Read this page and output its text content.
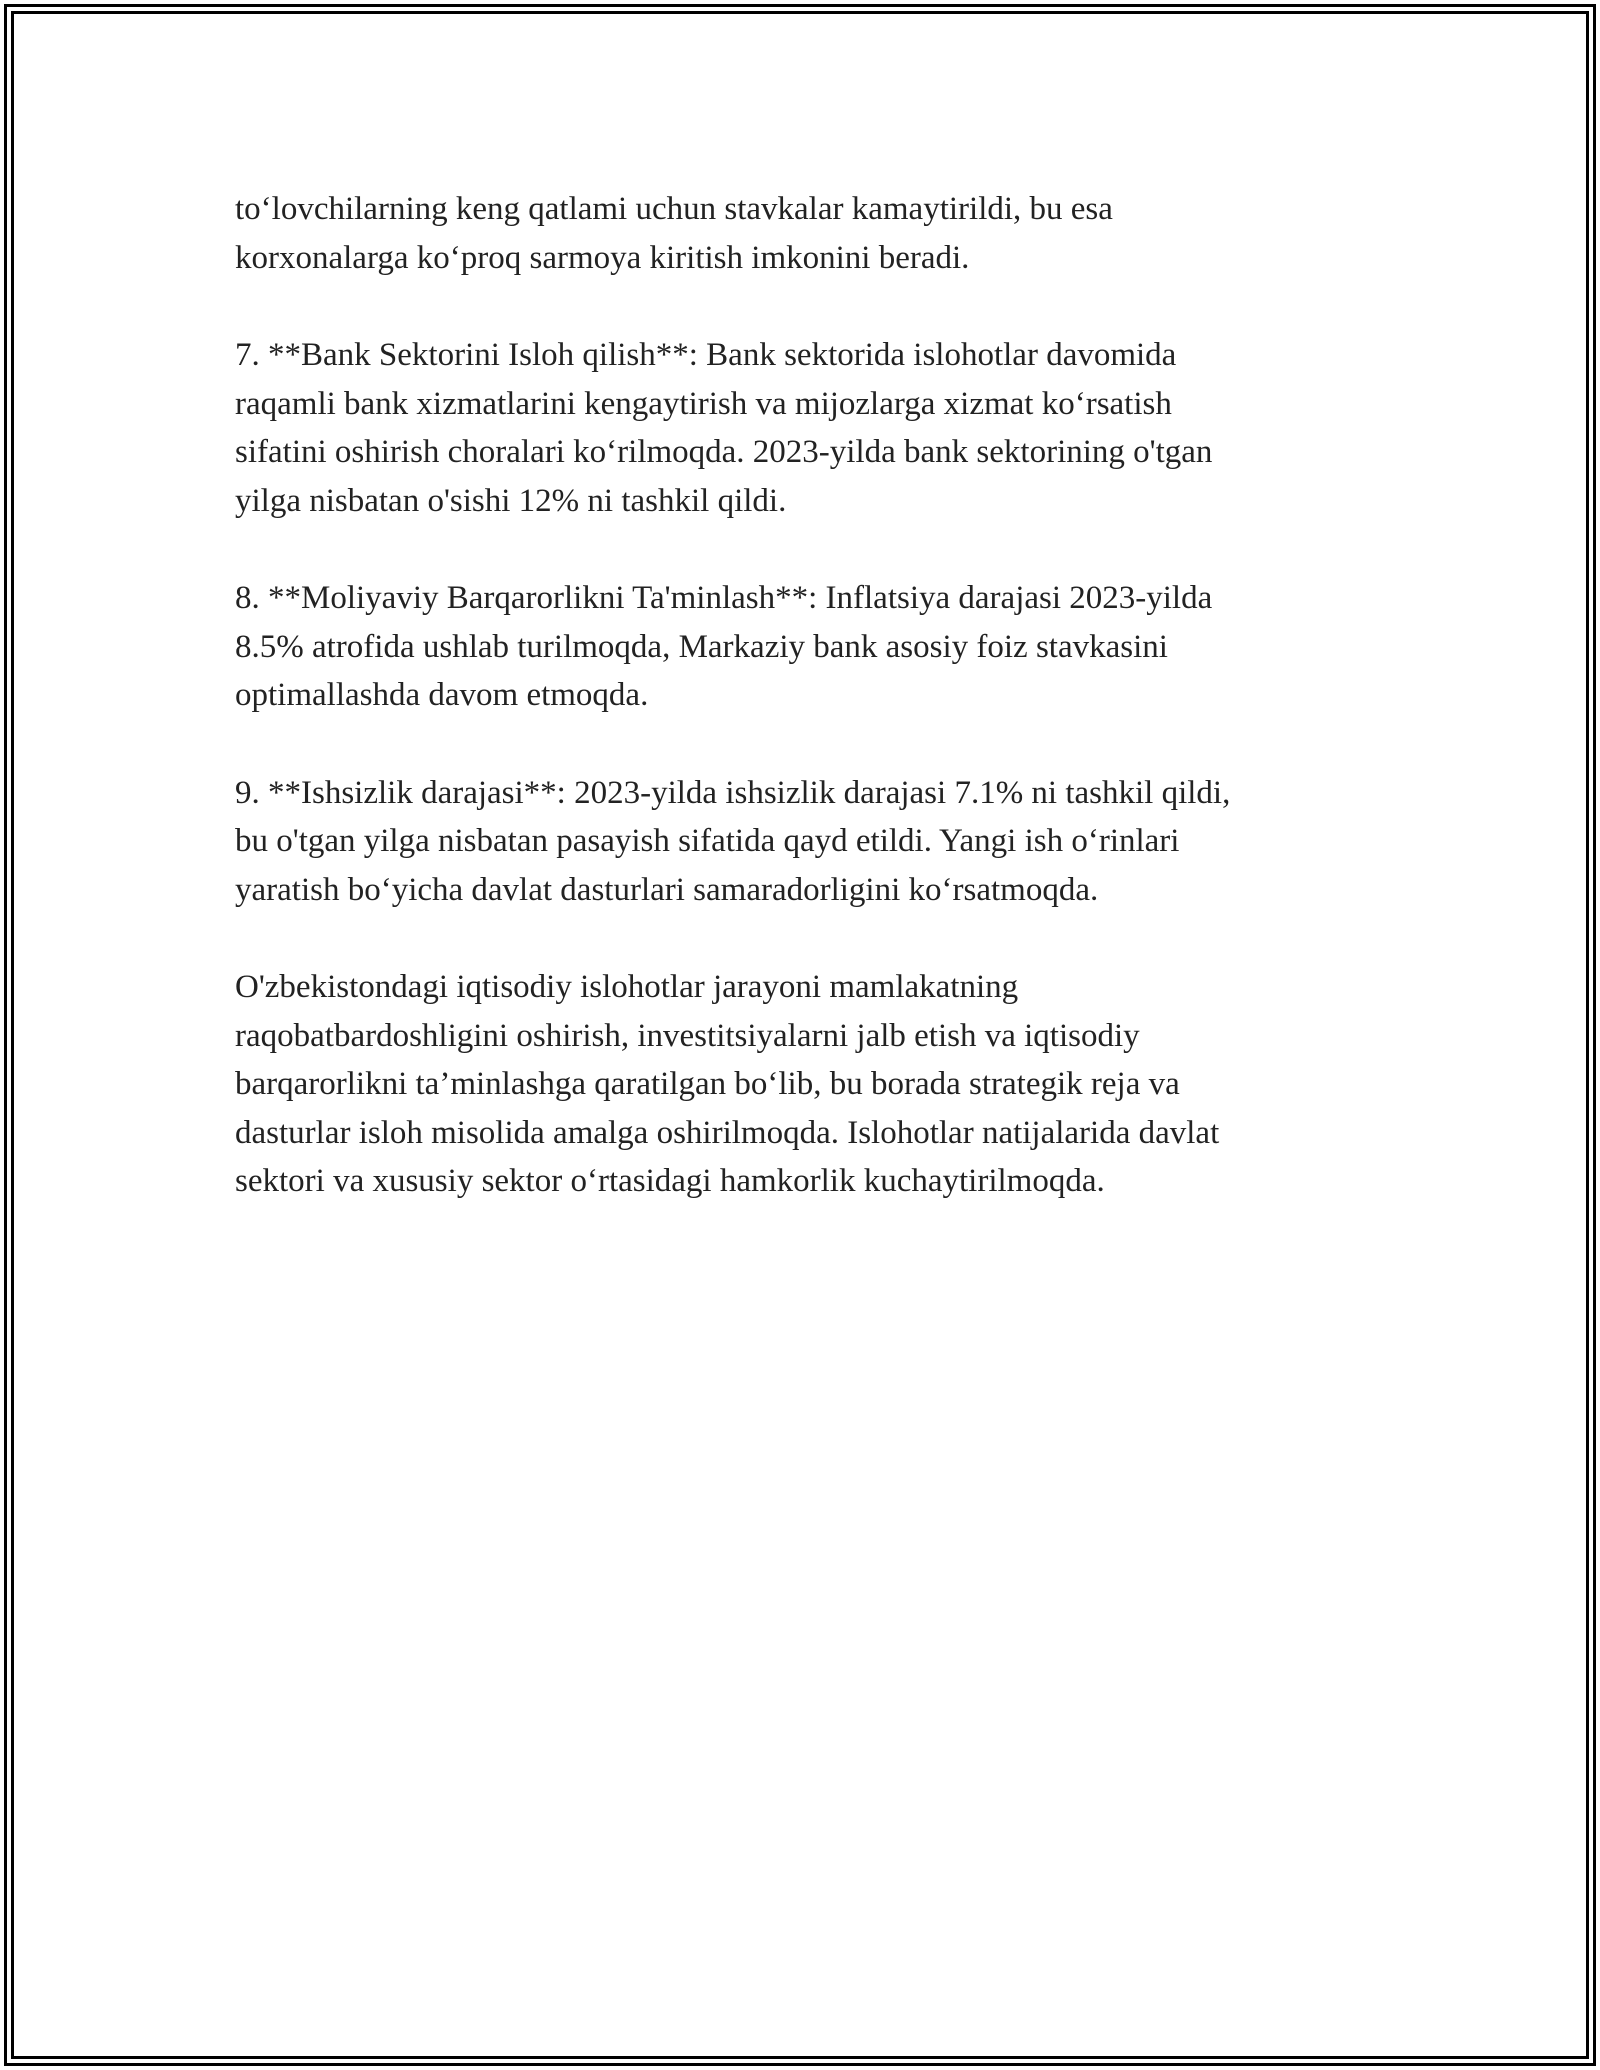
to‘lovchilarning keng qatlami uchun stavkalar kamaytirildi, bu esa
korxonalarga ko‘proq sarmoya kiritish imkonini beradi.

7. **Bank Sektorini Isloh qilish**: Bank sektorida islohotlar davomida
raqamli bank xizmatlarini kengaytirish va mijozlarga xizmat ko‘rsatish
sifatini oshirish choralari ko‘rilmoqda. 2023-yilda bank sektorining o'tgan
yilga nisbatan o'sishi 12% ni tashkil qildi.

8. **Moliyaviy Barqarorlikni Ta'minlash**: Inflatsiya darajasi 2023-yilda
8.5% atrofida ushlab turilmoqda, Markaziy bank asosiy foiz stavkasini
optimallashda davom etmoqda.

9. **Ishsizlik darajasi**: 2023-yilda ishsizlik darajasi 7.1% ni tashkil qildi,
bu o'tgan yilga nisbatan pasayish sifatida qayd etildi. Yangi ish o‘rinlari
yaratish bo‘yicha davlat dasturlari samaradorligini ko‘rsatmoqda.

O'zbekistondagi iqtisodiy islohotlar jarayoni mamlakatning
raqobatbardoshligini oshirish, investitsiyalarni jalb etish va iqtisodiy
barqarorlikni ta’minlashga qaratilgan bo‘lib, bu borada strategik reja va
dasturlar isloh misolida amalga oshirilmoqda. Islohotlar natijalarida davlat
sektori va xususiy sektor o‘rtasidagi hamkorlik kuchaytirilmoqda.
